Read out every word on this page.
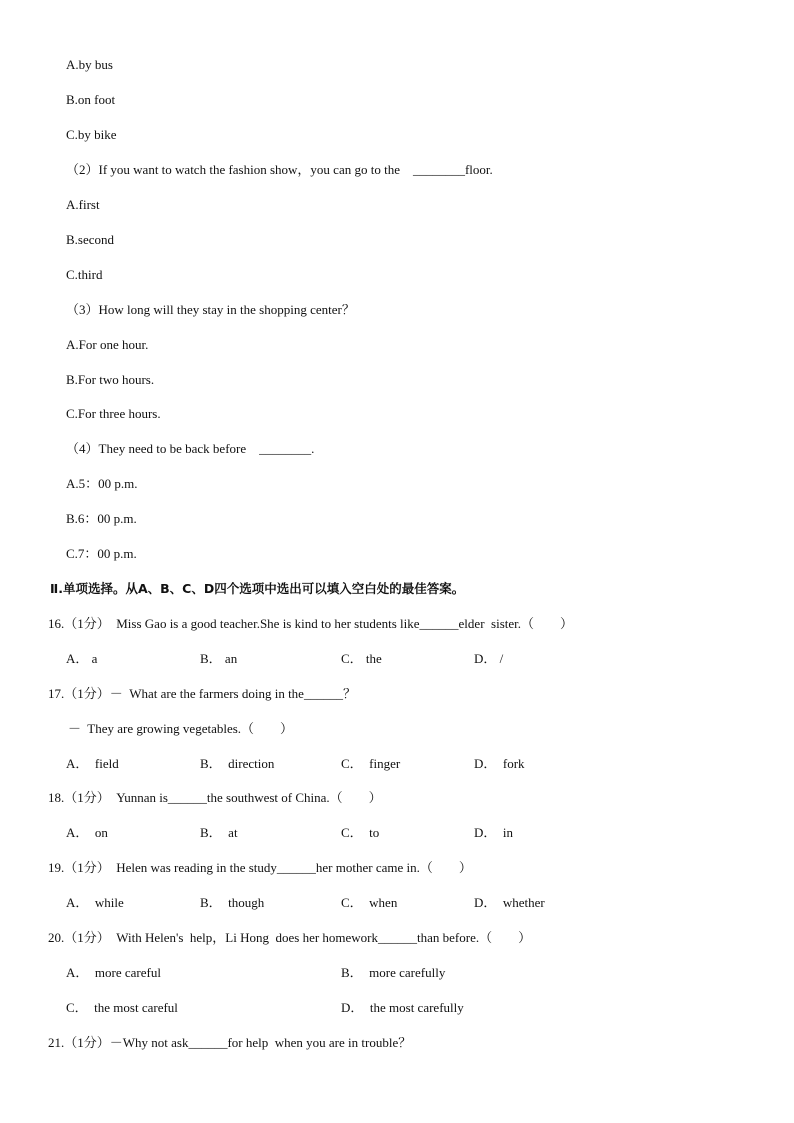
A.by bus
B.on foot
C.by bike
（2）If you want to watch the fashion show，you can go to the    ________floor.
A.first
B.second
C.third
（3）How long will they stay in the shopping center？
A.For one hour.
B.For two hours.
C.For three hours.
（4）They need to be back before    ________.
A.5：00 p.m.
B.6：00 p.m.
C.7：00 p.m.
Ⅱ.单项选择。从A、B、C、D四个选项中选出可以填入空白处的最佳答案。
16.（1分）  Miss Gao is a good teacher.She is kind to her students like______elder  sister.（        ）
A． a	B． an	C． the	D． /
17.（1分）－  What are the farmers doing in the______？
－  They are growing vegetables.（        ）
A．  field	B．  direction	C．  finger	D．  fork
18.（1分）  Yunnan is______the southwest of China.（        ）
A．  on	B．  at	C．  to	D．  in
19.（1分）  Helen was reading in the study______her mother came in.（        ）
A．  while	B．  though	C．  when	D．  whether
20.（1分）  With Helen's  help，Li Hong  does her homework______than before.（        ）
A．  more careful	B．  more carefully
C．  the most careful	D．  the most carefully
21.（1分）－Why not ask______for help  when you are in trouble？
